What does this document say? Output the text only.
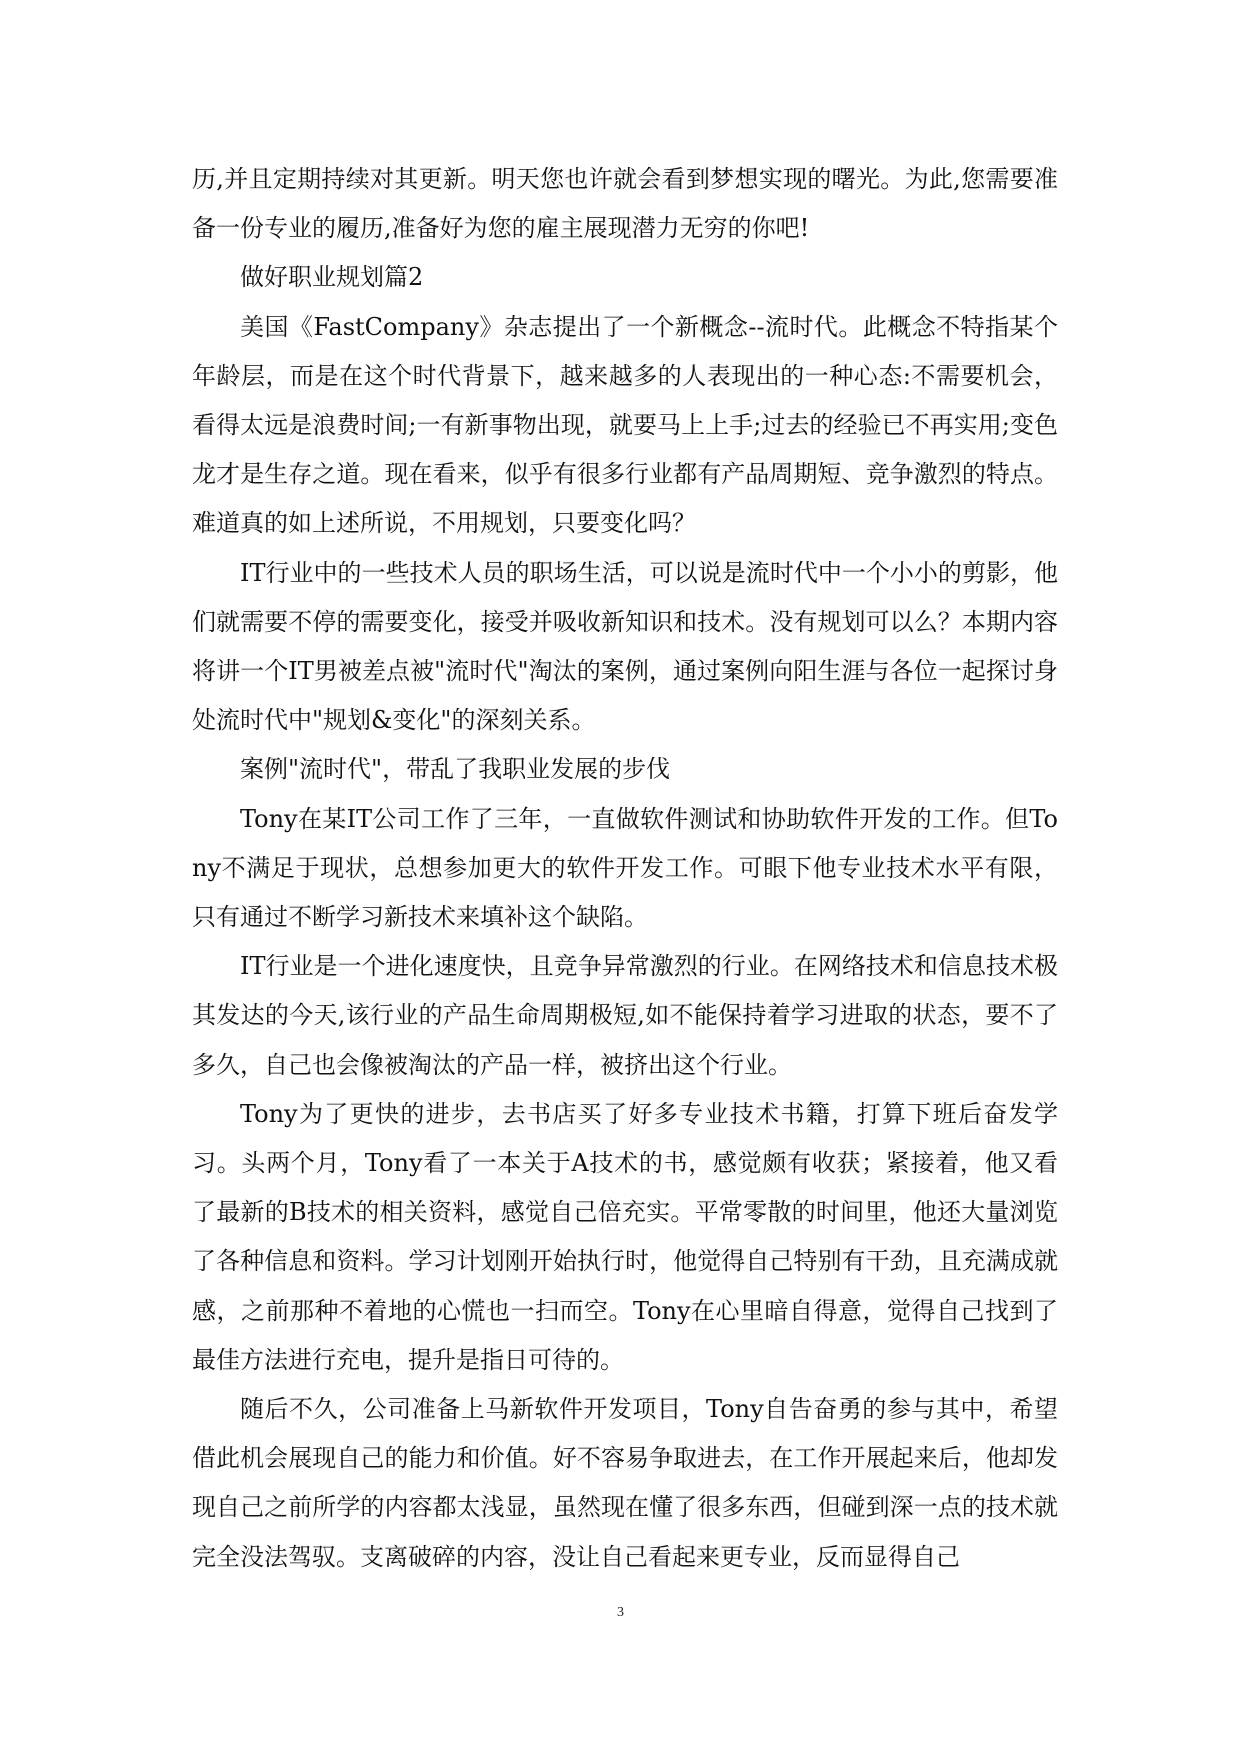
历,并且定期持续对其更新。明天您也许就会看到梦想实现的曙光。为此,您需要准备一份专业的履历,准备好为您的雇主展现潜力无穷的你吧!

做好职业规划篇2

美国《FastCompany》杂志提出了一个新概念--流时代。此概念不特指某个年龄层，而是在这个时代背景下，越来越多的人表现出的一种心态:不需要机会，看得太远是浪费时间;一有新事物出现，就要马上上手;过去的经验已不再实用;变色龙才是生存之道。现在看来，似乎有很多行业都有产品周期短、竞争激烈的特点。难道真的如上述所说，不用规划，只要变化吗？

IT行业中的一些技术人员的职场生活，可以说是流时代中一个小小的剪影，他们就需要不停的需要变化，接受并吸收新知识和技术。没有规划可以么？本期内容将讲一个IT男被差点被"流时代"淘汰的案例，通过案例向阳生涯与各位一起探讨身处流时代中"规划&变化"的深刻关系。

案例"流时代"，带乱了我职业发展的步伐

Tony在某IT公司工作了三年，一直做软件测试和协助软件开发的工作。但Tony不满足于现状，总想参加更大的软件开发工作。可眼下他专业技术水平有限，只有通过不断学习新技术来填补这个缺陷。

IT行业是一个进化速度快，且竞争异常激烈的行业。在网络技术和信息技术极其发达的今天,该行业的产品生命周期极短,如不能保持着学习进取的状态，要不了多久，自己也会像被淘汰的产品一样，被挤出这个行业。

Tony为了更快的进步，去书店买了好多专业技术书籍，打算下班后奋发学习。头两个月，Tony看了一本关于A技术的书，感觉颇有收获；紧接着，他又看了最新的B技术的相关资料，感觉自己倍充实。平常零散的时间里，他还大量浏览了各种信息和资料。学习计划刚开始执行时，他觉得自己特别有干劲，且充满成就感，之前那种不着地的心慌也一扫而空。Tony在心里暗自得意，觉得自己找到了最佳方法进行充电，提升是指日可待的。

随后不久，公司准备上马新软件开发项目，Tony自告奋勇的参与其中，希望借此机会展现自己的能力和价值。好不容易争取进去，在工作开展起来后，他却发现自己之前所学的内容都太浅显，虽然现在懂了很多东西，但碰到深一点的技术就完全没法驾驭。支离破碎的内容，没让自己看起来更专业，反而显得自己

3
